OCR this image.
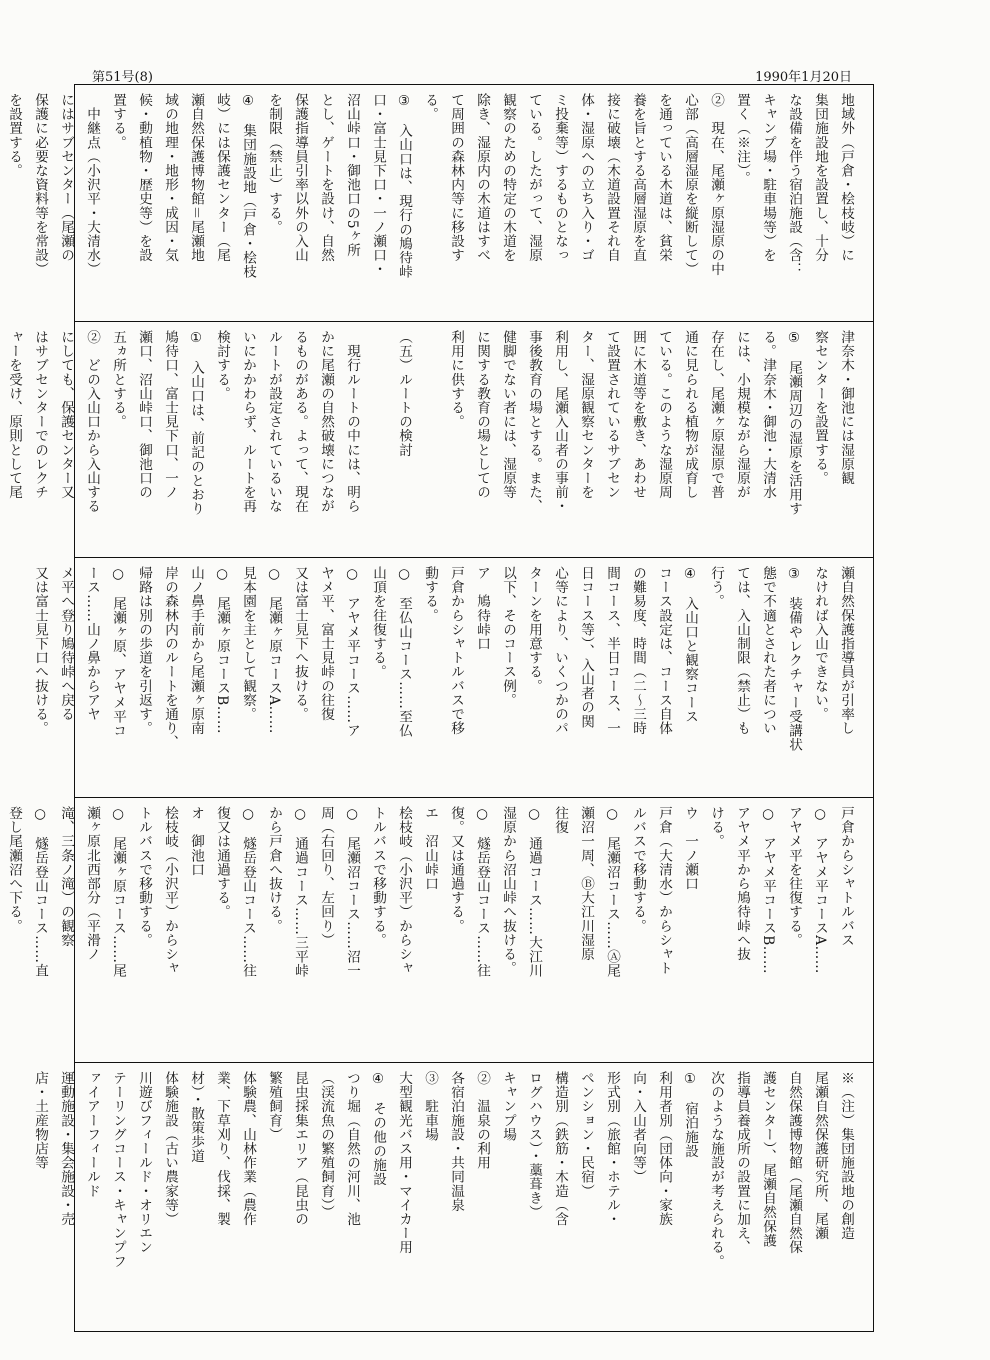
第51号(8)	1990年1月20日
地域外（戸倉・桧枝岐）に
集団施設地を設置し、十分
な設備を伴う宿泊施設（含：
キャンプ場・駐車場等）を
置く（※注）。
②　現在、尾瀬ヶ原湿原の中
心部（高層湿原を縦断して）
を通っている木道は、貧栄
養を旨とする高層湿原を直
接に破壊（木道設置それ自
体・湿原への立ち入り・ゴ
ミ投棄等）するものとなっ
ている。したがって、湿原
観察のための特定の木道を
除き、湿原内の木道はすべ
て周囲の森林内等に移設す
る。
③　入山口は、現行の鳩待峠
口・富士見下口・一ノ瀬口・
沼山峠口・御池口の5ヶ所
とし、ゲートを設け、自然
保護指導員引率以外の入山
を制限（禁止）する。
④　集団施設地（戸倉・桧枝
岐）には保護センター（尾
瀬自然保護博物館＝尾瀬地
域の地理・地形・成因・気
候・動植物・歴史等）を設
置する。
　中継点（小沢平・大清水）
にはサブセンター（尾瀬の
保護に必要な資料等を常設）
を設置する。
津奈木・御池には湿原観
察センターを設置する。
⑤　尾瀬周辺の湿原を活用す
る。津奈木・御池・大清水
には、小規模ながら湿原が
存在し、尾瀬ヶ原湿原で普
通に見られる植物が成育し
ている。このような湿原周
囲に木道等を敷き、あわせ
て設置されているサブセン
ター、湿原観察センターを
利用し、尾瀬入山者の事前・
事後教育の場とする。また、
健脚でない者には、湿原等
に関する教育の場としての
利用に供する。

（五）ルートの検討

　現行ルートの中には、明ら
かに尾瀬の自然破壊につなが
るものがある。よって、現在
ルートが設定されているいな
いにかかわらず、ルートを再
検討する。
①　入山口は、前記のとおり
鳩待口、富士見下口、一ノ
瀬口、沼山峠口、御池口の
五ヵ所とする。
②　どの入山口から入山する
にしても、保護センター又
はサブセンターでのレクチ
ャーを受け、原則として尾
瀬自然保護指導員が引率し
なければ入山できない。
③　装備やレクチャー受講状
態で不適とされた者につい
ては、入山制限（禁止）も
行う。
④　入山口と観察コース
コース設定は、コース自体
の難易度、時間（二〜三時
間コース、半日コース、一
日コース等）、入山者の関
心等により、いくつかのパ
ターンを用意する。
以下、そのコース例。
ア　鳩待峠口
戸倉からシャトルバスで移
動する。
○　至仏山コース……至仏
山頂を往復する。
○　アヤメ平コース……ア
ヤメ平、富士見峠の往復
又は富士見下へ抜ける。
○　尾瀬ヶ原コースA……
見本園を主として観察。
○　尾瀬ヶ原コースB……
山ノ鼻手前から尾瀬ヶ原南
岸の森林内のルートを通り、
帰路は別の歩道を引返す。
○　尾瀬ヶ原、アヤメ平コ
ース……山ノ鼻からアヤ
メ平へ登り鳩待峠へ戻る
又は富士見下口へ抜ける。

戸倉からシャトルバス
○　アヤメ平コースA……
アヤメ平を往復する。
○　アヤメ平コースB……
アヤメ平から鳩待峠へ抜
ける。
ウ　一ノ瀬口
戸倉（大清水）からシャト
ルバスで移動する。
○　尾瀬沼コース……Ⓐ尾
瀬沼一周、Ⓑ大江川湿原
往復
○　通過コース……大江川
湿原から沼山峠へ抜ける。
○　燧岳登山コース……往
復。又は通過する。
エ　沼山峠口
桧枝岐（小沢平）からシャ
トルバスで移動する。
○　尾瀬沼コース……沼一
周（右回り、左回り）
○　通過コース……三平峠
から戸倉へ抜ける。
○　燧岳登山コース……往
復又は通過する。
オ　御池口
桧枝岐（小沢平）からシャ
トルバスで移動する。
○　尾瀬ヶ原コース……尾
瀬ヶ原北西部分（平滑ノ
滝、三条ノ滝）の観察
○　燧岳登山コース……直
登し尾瀬沼へ下る。
※（注）集団施設地の創造
尾瀬自然保護研究所、尾瀬
自然保護博物館（尾瀬自然保
護センター）、尾瀬自然保護
指導員養成所の設置に加え、
次のような施設が考えられる。
①　宿泊施設
利用者別（団体向・家族
向・入山者向等）
形式別（旅館・ホテル・
ペンション・民宿）
構造別（鉄筋・木造（含
ログハウス）・藁葺き）
キャンプ場
②　温泉の利用
各宿泊施設・共同温泉
③　駐車場
大型観光バス用・マイカー用
④　その他の施設
つり堀（自然の河川、池
（渓流魚の繁殖飼育））
昆虫採集エリア（昆虫の
繁殖飼育）
体験農、山林作業（農作
業、下草刈り、伐採、製
材）・散策歩道
体験施設（古い農家等）
川遊びフィールド・オリエン
テーリングコース・キャンプフ
ァイアーフィールド
運動施設・集会施設・売
店・土産物店等
